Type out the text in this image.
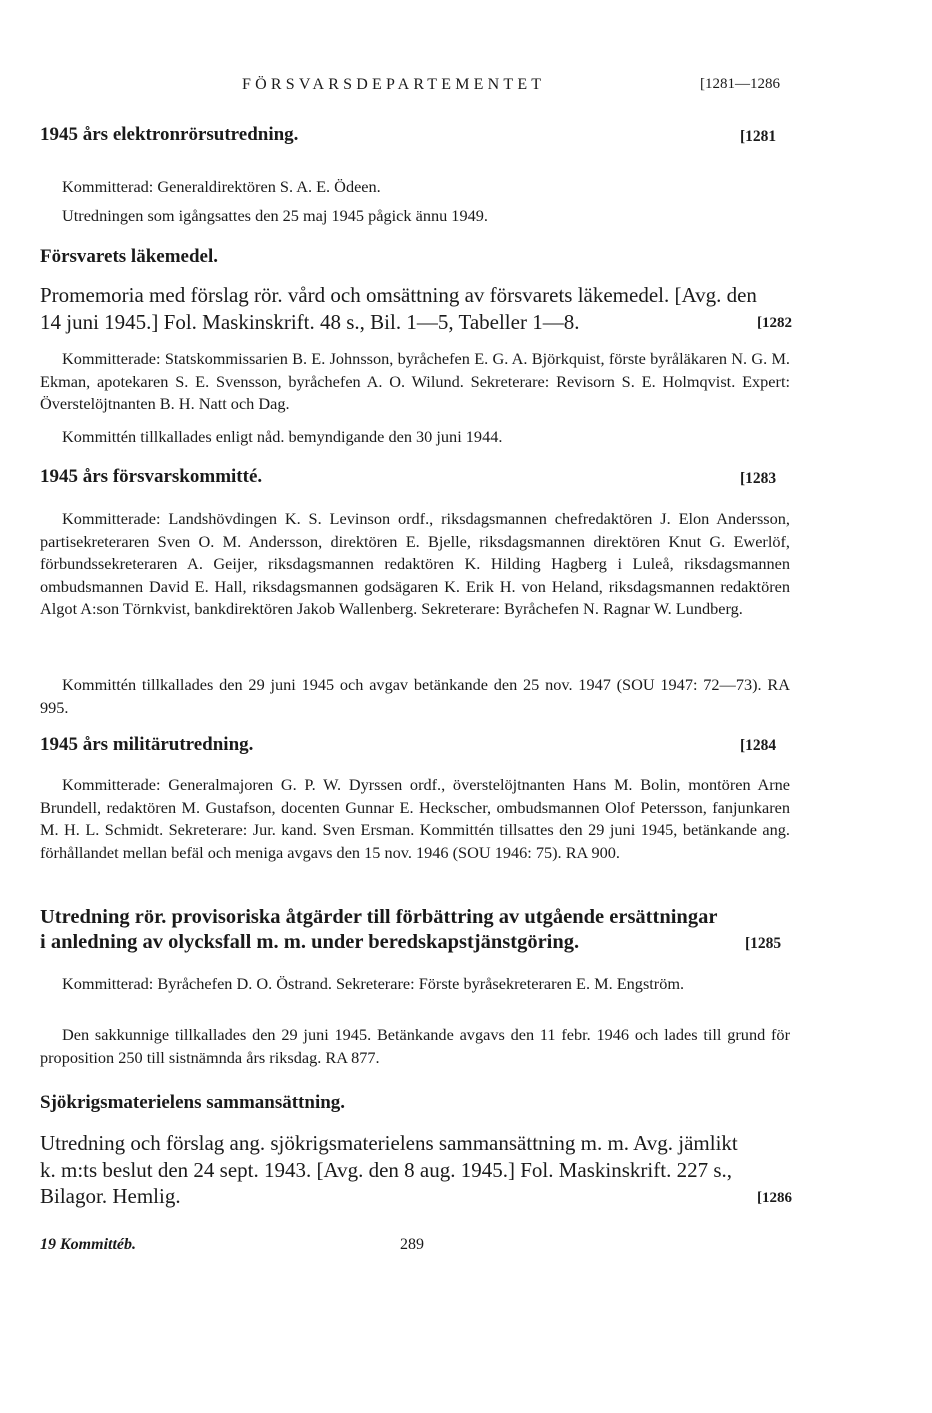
FÖRSVARSDEPARTEMENTET	[1281—1286
1945 års elektronrörsutredning.	[1281

Kommitterad: Generaldirektören S. A. E. Ödeen.

Utredningen som igångsattes den 25 maj 1945 pågick ännu 1949.

Försvarets läkemedel.

[1282
Promemoria med förslag rör. vård och omsättning av försvarets läkemedel. [Avg. den 14 juni 1945.] Fol. Maskinskrift. 48 s., Bil. 1—5, Tabeller 1—8.

Kommitterade: Statskommissarien B. E. Johnsson, byråchefen E. G. A. Björkquist, förste byråläkaren N. G. M. Ekman, apotekaren S. E. Svensson, byråchefen A. O. Wilund. Sekreterare: Revisorn S. E. Holmqvist. Expert: Överstelöjtnanten B. H. Natt och Dag.

Kommittén tillkallades enligt nåd. bemyndigande den 30 juni 1944.

1945 års försvarskommitté.	[1283

Kommitterade: Landshövdingen K. S. Levinson ordf., riksdagsmannen chefredaktören J. Elon Andersson, partisekreteraren Sven O. M. Andersson, direktören E. Bjelle, riksdagsmannen direktören Knut G. Ewerlöf, förbundssekreteraren A. Geijer, riksdagsmannen redaktören K. Hilding Hagberg i Luleå, riksdagsmannen ombudsmannen David E. Hall, riksdagsmannen godsägaren K. Erik H. von Heland, riksdagsmannen redaktören Algot A:son Törnkvist, bankdirektören Jakob Wallenberg. Sekreterare: Byråchefen N. Ragnar W. Lundberg.

Kommittén tillkallades den 29 juni 1945 och avgav betänkande den 25 nov. 1947 (SOU 1947: 72—73). RA 995.

1945 års militärutredning.	[1284

Kommitterade: Generalmajoren G. P. W. Dyrssen ordf., överstelöjtnanten Hans M. Bolin, montören Arne Brundell, redaktören M. Gustafson, docenten Gunnar E. Heckscher, ombudsmannen Olof Petersson, fanjunkaren M. H. L. Schmidt. Sekreterare: Jur. kand. Sven Ersman. Kommittén tillsattes den 29 juni 1945, betänkande ang. förhållandet mellan befäl och meniga avgavs den 15 nov. 1946 (SOU 1946: 75). RA 900.

Utredning rör. provisoriska åtgärder till förbättring av utgående ersättningar
i anledning av olycksfall m. m. under beredskapstjänstgöring.	[1285

Kommitterad: Byråchefen D. O. Östrand. Sekreterare: Förste byråsekreteraren E. M. Engström.

Den sakkunnige tillkallades den 29 juni 1945. Betänkande avgavs den 11 febr. 1946 och lades till grund för proposition 250 till sistnämnda års riksdag. RA 877.

Sjökrigsmaterielens sammansättning.

[1286
Utredning och förslag ang. sjökrigsmaterielens sammansättning m. m. Avg. jämlikt k. m:ts beslut den 24 sept. 1943. [Avg. den 8 aug. 1945.] Fol. Maskinskrift. 227 s., Bilagor. Hemlig.

19 Kommittéb.	289
